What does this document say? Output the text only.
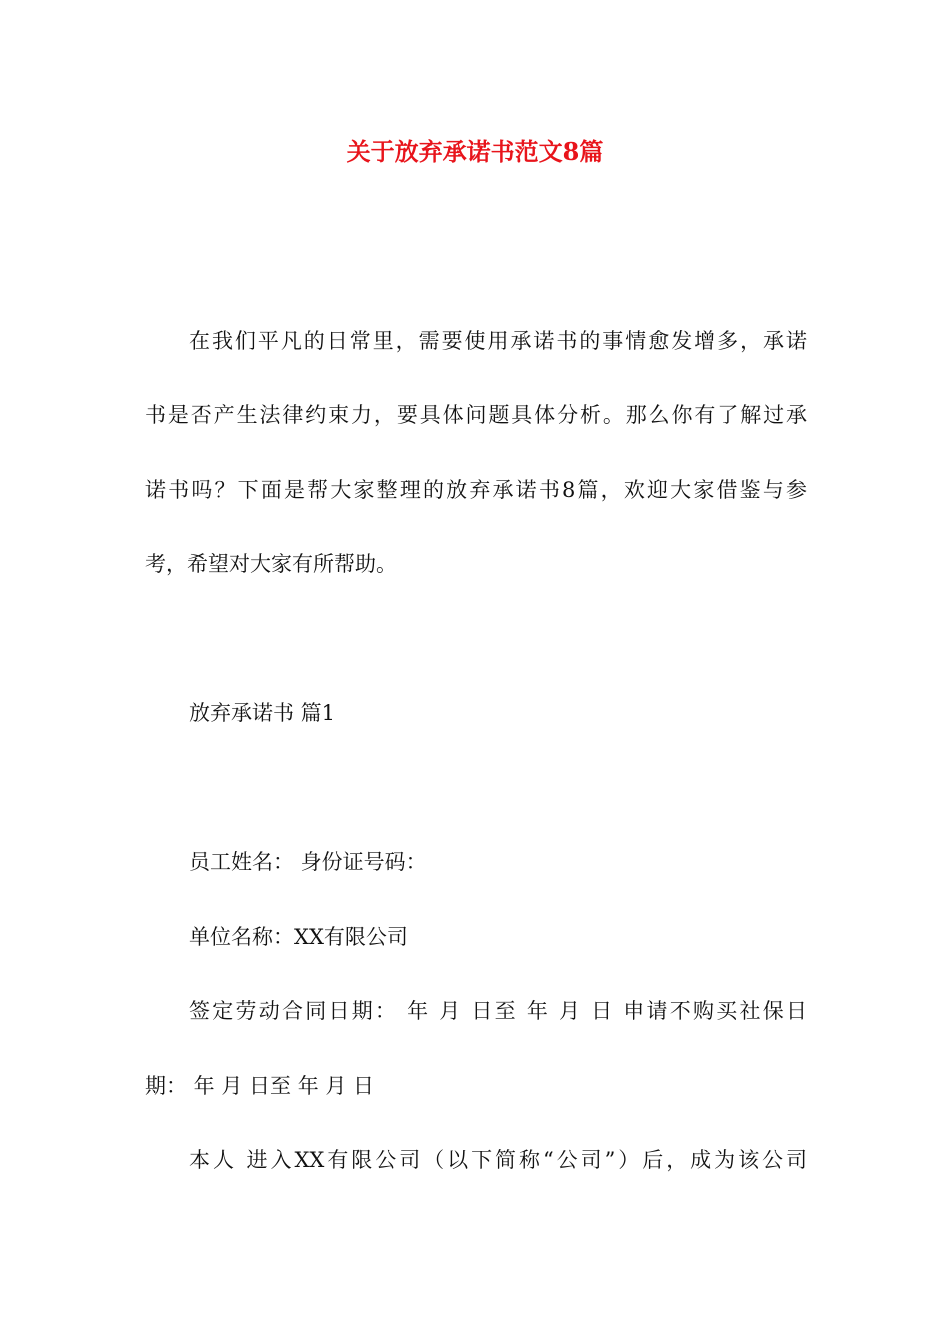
关于放弃承诺书范文8篇
在我们平凡的日常里，需要使用承诺书的事情愈发增多，承诺
书是否产生法律约束力，要具体问题具体分析。那么你有了解过承
诺书吗？下面是帮大家整理的放弃承诺书8篇，欢迎大家借鉴与参
考，希望对大家有所帮助。
放弃承诺书 篇1
员工姓名： 身份证号码：
单位名称：XX有限公司
签定劳动合同日期： 年 月 日至 年 月 日 申请不购买社保日
期： 年 月 日至 年 月 日
本人 进入XX有限公司（以下简称“公司”）后，成为该公司
